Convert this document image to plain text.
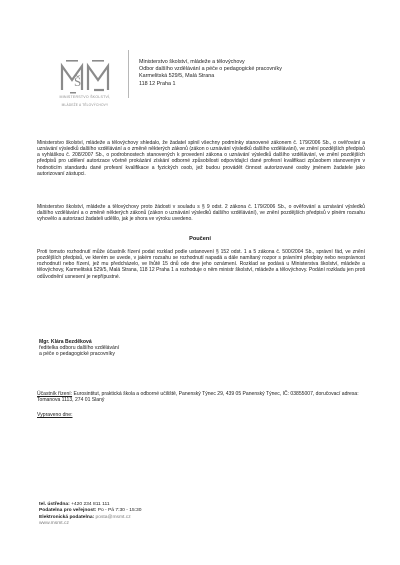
Š
MINISTERSTVO ŠKOLSTVÍ,
MLÁDEŽE A TĚLOVÝCHOVY
Ministerstvo školství, mládeže a tělovýchovy
Odbor dalšího vzdělávání a péče o pedagogické pracovníky
Karmelitská 529/5, Malá Strana
118 12 Praha 1
Ministerstvo školství, mládeže a tělovýchovy shledalo, že žadatel splnil všechny podmínky stanovené zákonem č. 179/2006 Sb., o ověřování a uznávání výsledků dalšího vzdělávání a o změně některých zákonů (zákon o uznávání výsledků dalšího vzdělávání), ve znění pozdějších předpisů a vyhláškou č. 208/2007 Sb., o podrobnostech stanovených k provedení zákona o uznávání výsledků dalšího vzdělávání, ve znění pozdějších předpisů pro udělení autorizace včetně prokázání získání odborné způsobilosti odpovídající dané profesní kvalifikaci způsobem stanoveným v hodnoticím standardu dané profesní kvalifikace a fyzických osob, jež budou provádět činnost autorizované osoby jménem žadatele jako autorizovaní zástupci.
Ministerstvo školství, mládeže a tělovýchovy proto žádosti v souladu s § 9 odst. 2 zákona č. 179/2006 Sb., o ověřování a uznávání výsledků dalšího vzdělávání a o změně některých zákonů (zákon o uznávání výsledků dalšího vzdělávání), ve znění pozdějších předpisů v plném rozsahu vyhovělo a autorizaci žadateli udělilo, jak je shora ve výroku uvedeno.
Poučení
Proti tomuto rozhodnutí může účastník řízení podat rozklad podle ustanovení § 152 odst. 1 a 5 zákona č. 500/2004 Sb., správní řád, ve znění pozdějších předpisů, ve kterém se uvede, v jakém rozsahu se rozhodnutí napadá a dále namítaný rozpor s právními předpisy nebo nesprávnost rozhodnutí nebo řízení, jež mu předcházelo, ve lhůtě 15 dnů ode dne jeho oznámení. Rozklad se podává u Ministerstva školství, mládeže a tělovýchovy, Karmelitská 529/5, Malá Strana, 118 12 Praha 1 a rozhoduje o něm ministr školství, mládeže a tělovýchovy. Podání rozkladu jen proti odůvodnění usnesení je nepřípustné.
Mgr. Klára Bezděková
ředitelka odboru dalšího vzdělávání
a péče o pedagogické pracovníky
Účastník řízení: Eurosintitut, praktická škola a odborné učiliště, Panenský Týnec 29, 439 05 Panenský Týnec, IČ: 03855007, doručovací adresa: Tomanova 1113, 274 01 Slaný
Vypraveno dne:
tel. ústředna: +420 234 811 111
Podatelna pro veřejnost: Po - Pá 7:30 - 15:30
Elektronická podatelna: posta@msmt.cz
www.msmt.cz
